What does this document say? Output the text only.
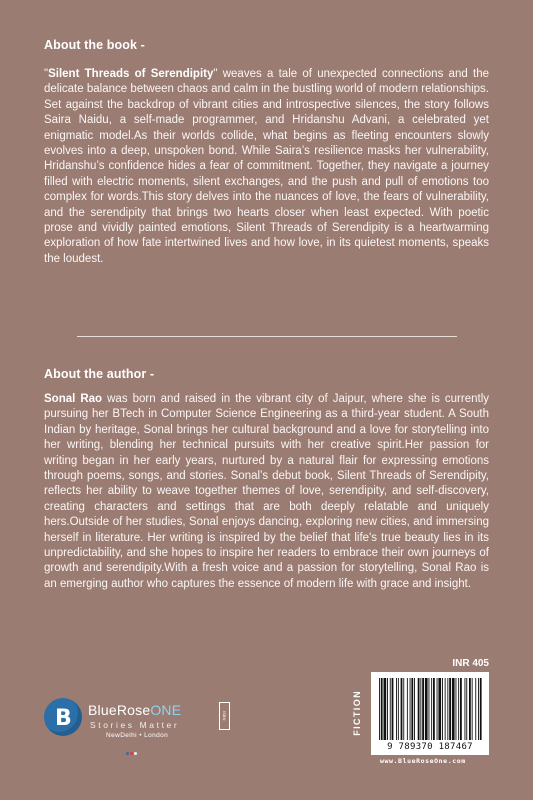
About the book -
"Silent Threads of Serendipity" weaves a tale of unexpected connections and the delicate balance between chaos and calm in the bustling world of modern relationships. Set against the backdrop of vibrant cities and introspective silences, the story follows Saira Naidu, a self-made programmer, and Hridanshu Advani, a celebrated yet enigmatic model.As their worlds collide, what begins as fleeting encounters slowly evolves into a deep, unspoken bond. While Saira’s resilience masks her vulnerability, Hridanshu’s confidence hides a fear of commitment. Together, they navigate a journey filled with electric moments, silent exchanges, and the push and pull of emotions too complex for words.This story delves into the nuances of love, the fears of vulnerability, and the serendipity that brings two hearts closer when least expected. With poetic prose and vividly painted emotions, Silent Threads of Serendipity is a heartwarming exploration of how fate intertwined lives and how love, in its quietest moments, speaks the loudest.
About the author -
Sonal Rao was born and raised in the vibrant city of Jaipur, where she is currently pursuing her BTech in Computer Science Engineering as a third-year student. A South Indian by heritage, Sonal brings her cultural background and a love for storytelling into her writing, blending her technical pursuits with her creative spirit.Her passion for writing began in her early years, nurtured by a natural flair for expressing emotions through poems, songs, and stories. Sonal’s debut book, Silent Threads of Serendipity, reflects her ability to weave together themes of love, serendipity, and self-discovery, creating characters and settings that are both deeply relatable and uniquely hers.Outside of her studies, Sonal enjoys dancing, exploring new cities, and immersing herself in literature. Her writing is inspired by the belief that life's true beauty lies in its unpredictability, and she hopes to inspire her readers to embrace their own journeys of growth and serendipity.With a fresh voice and a passion for storytelling, Sonal Rao is an emerging author who captures the essence of modern life with grace and insight.
B BlueRoseONE
Stories Matter
ISBN
NewDelhi • London
INR 405
FICTION
9 789370 187467
www.BlueRoseOne.com
